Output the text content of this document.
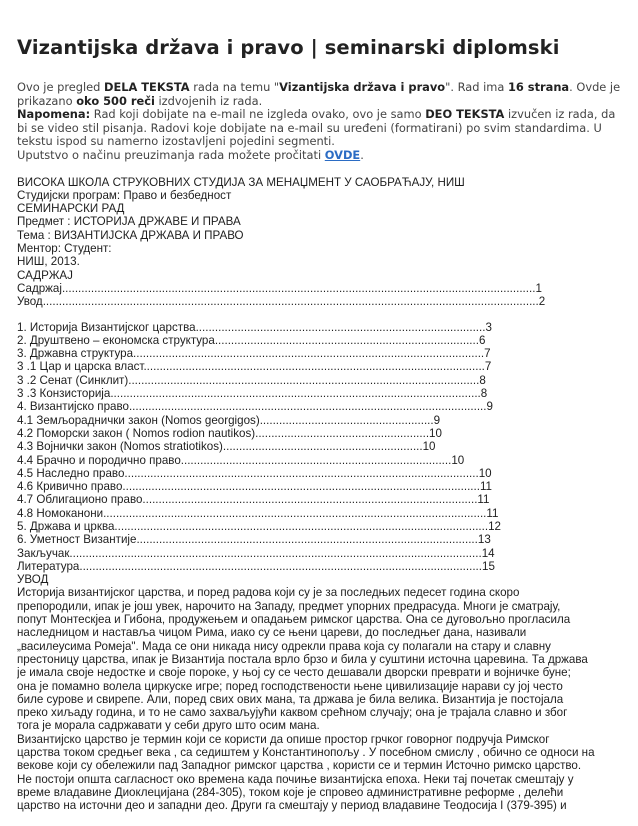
Vizantijska država i pravo | seminarski diplomski

Ovo je pregled DELA TEKSTA rada na temu "Vizantijska država i pravo". Rad ima 16 strana. Ovde je prikazano oko 500 reči izdvojenih iz rada.

Napomena: Rad koji dobijate na e-mail ne izgleda ovako, ovo je samo DEO TEKSTA izvučen iz rada, da bi se video stil pisanja. Radovi koje dobijate na e-mail su uređeni (formatirani) po svim standardima. U tekstu ispod su namerno izostavljeni pojedini segmenti.

Uputstvo o načinu preuzimanja rada možete pročitati OVDE.

ВИСОКА ШКОЛА СТРУКОВНИХ СТУДИЈА ЗА МЕНАЏМЕНТ У САОБРАЋАЈУ, НИШ
Студијски програм: Право и безбедност
СЕМИНАРСКИ РАД
Предмет : ИСТОРИЈА ДРЖАВЕ И ПРАВА
Тема : ВИЗАНТИЈСКА ДРЖАВА И ПРАВО
Ментор: Студент:
НИШ, 2013.
САДРЖАЈ
Садржај...................................................................................................................................................1
Увод..........................................................................................................................................................2
1. Историја Византијског царства..........................................................................................3
2. Друштвено – економска структура..................................................................................6
3. Државна структура.............................................................................................................7
3 .1 Цар и царска власт..........................................................................................................7
3 .2 Сенат (Синклит).............................................................................................................8
3 .3 Конзисторија...................................................................................................................8
4. Византијско право...............................................................................................................9
4.1 Земљораднички закон (Nomos georgigos)......................................................9
4.2 Поморски закон ( Nomos rodion nautikos)......................................................10
4.3 Војнички закон (Nomos stratiotikos)..............................................................10
4.4 Брачно и породично право....................................................................................10
4.5 Наследно право..............................................................................................................10
4.6 Кривично право...............................................................................................................11
4.7 Облигационо право........................................................................................................11
4.8 Номоканони.......................................................................................................................11
5. Држава и црква....................................................................................................................12
6. Уметност Византије..........................................................................................................13
Закључак................................................................................................................................14
Литература.............................................................................................................................15
УВОД
Историја византијског царства, и поред радова који су је за последњих педесет година скоро
препородили, ипак је још увек, нарочито на Западу, предмет упорних предрасуда. Многи је сматрају,
попут Монтескјеа и Гибона, продужењем и опадањем римског царства. Она се дуговољно прогласила
наследницом и наставља чицом Рима, иако су се њени цареви, до последњег дана, називали
„василеусима Ромеја". Мада се они никада нису одрекли права која су полагали на стару и славну
престоницу царства, ипак је Византија постала врло брзо и била у суштини источна царевина. Та држава
је имала своје недостке и своје пороке, у њој су се често дешавали дворски преврати и војничке буне;
она је помамно волела циркуске игре; поред господствености њене цивилизације нарави су јој често
биле сурове и свирепе. Али, поред свих ових мана, та држава је била велика. Византија је постојала
преко хиљаду година, и то не само захваљујући каквом срећном случају; она је трајала славно и због
тога је морала садржавати у себи друго што осим мана.
Византијско царство је термин који се користи да опише простор грчког говорног подручја Римског
царства током средњег века , са седиштем у Константинопољу . У посебном смислу , обично се односи на
векове који су обележили пад Западног римског царства , користи се и термин Источно римско царство.
Не постоји општа сагласност око времена када почиње византијска епоха. Неки тај почетак смештају у
време владавине Диоклецијана (284-305), током које је спровео административне реформе , делећи
царство на источни део и западни део. Други га смештају у период владавине Теодосија I (379-395) и
